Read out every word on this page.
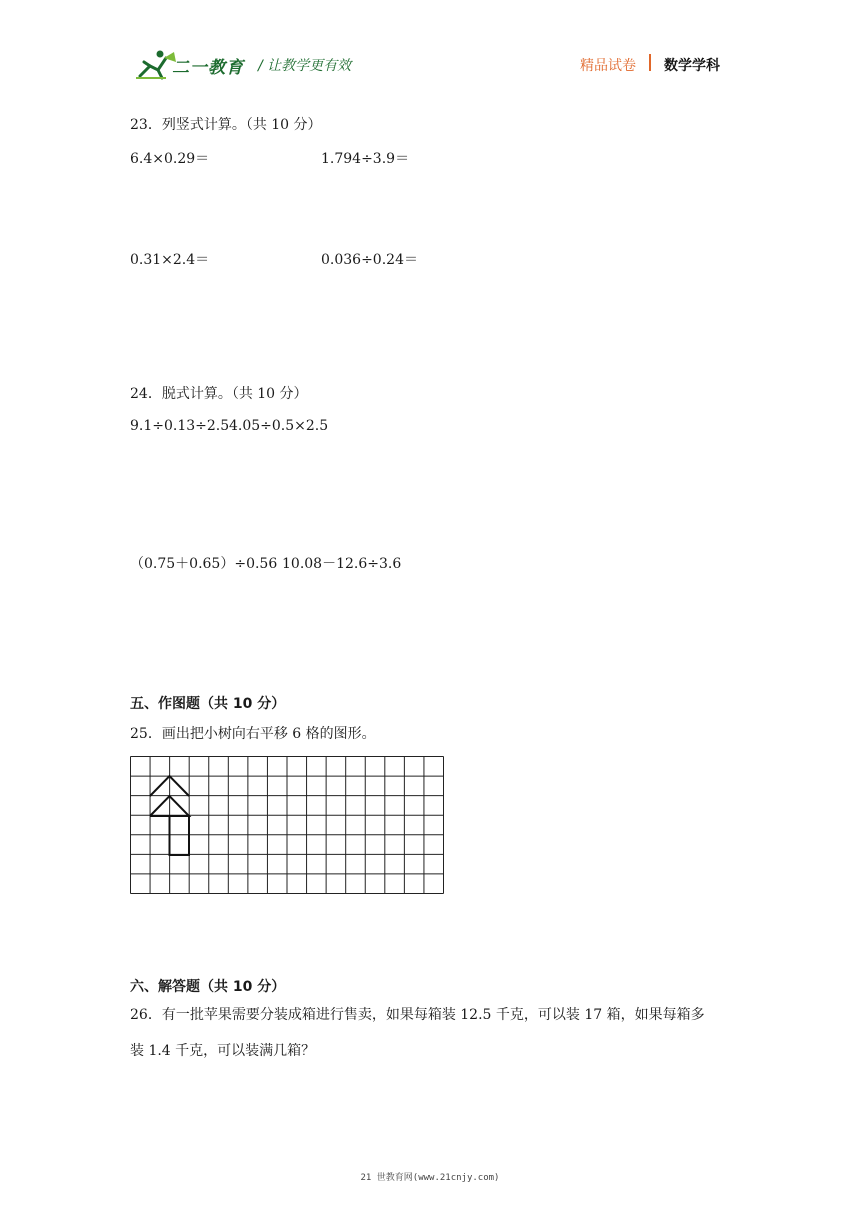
二一教育 / 让教学更有效	精品试卷 数学学科
23．列竖式计算。（共 10 分）
6.4×0.29＝	1.794÷3.9＝
0.31×2.4＝	0.036÷0.24＝
24．脱式计算。（共 10 分）
9.1÷0.13÷2.5 4.05÷0.5×2.5
（0.75＋0.65）÷0.56 10.08－12.6÷3.6
五、作图题（共 10 分）
25．画出把小树向右平移 6 格的图形。
六、解答题（共 10 分）
26．有一批苹果需要分装成箱进行售卖，如果每箱装 12.5 千克，可以装 17 箱，如果每箱多
装 1.4 千克，可以装满几箱？
21 世教育网(www.21cnjy.com)
